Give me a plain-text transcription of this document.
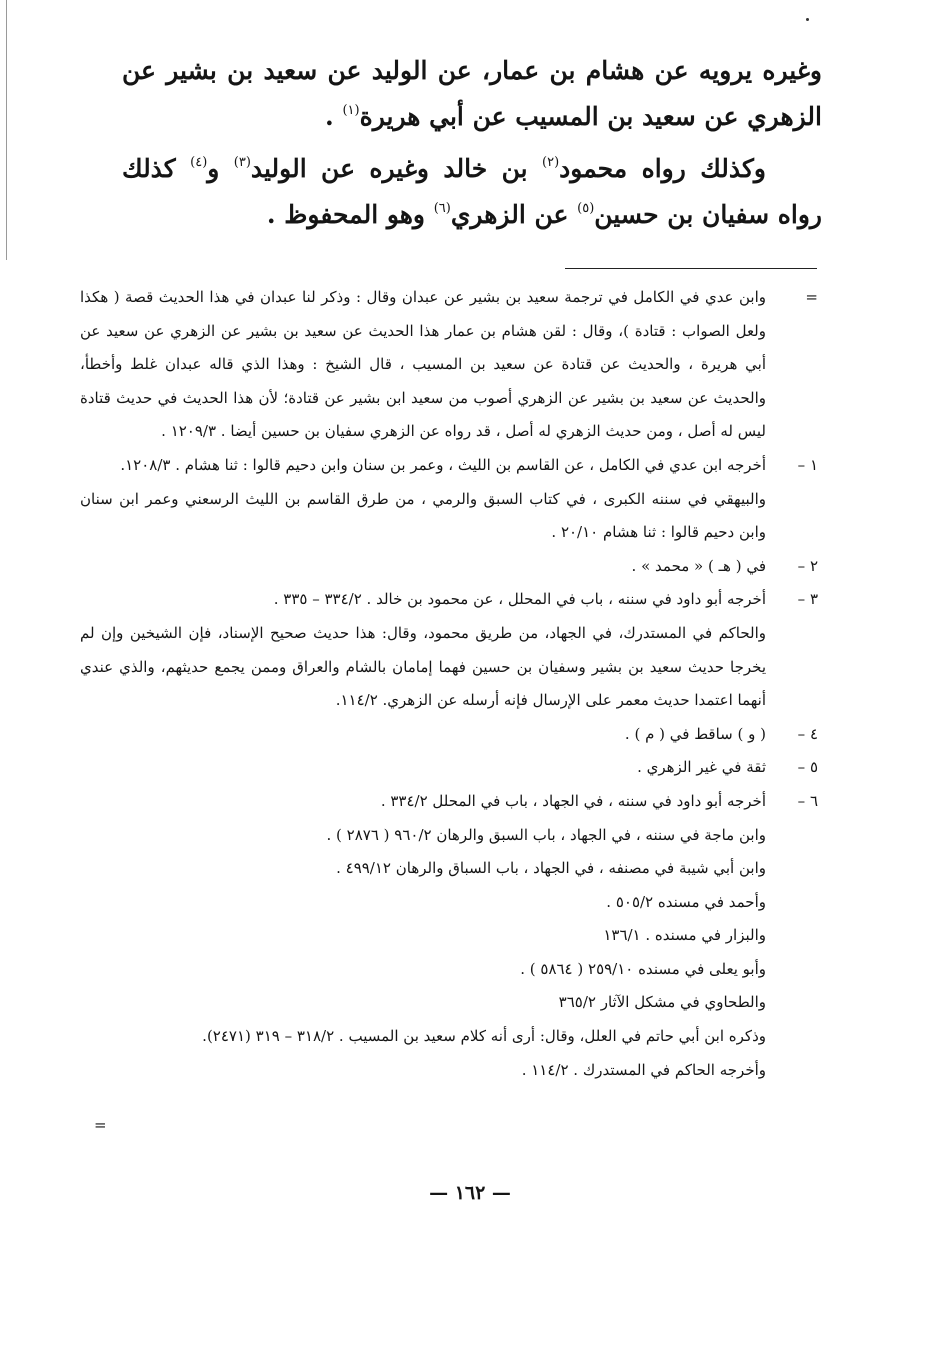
وغيره يرويه عن هشام بن عمار، عن الوليد عن سعيد بن بشير عن الزهري عن سعيد بن المسيب عن أبي هريرة$^{(١)}$ .

وكذلك رواه محمود$^{(٢)}$ بن خالد وغيره عن الوليد$^{(٣)}$ و$^{(٤)}$ كذلك رواه سفيان بن حسين$^{(٥)}$ عن الزهري$^{(٦)}$ وهو المحفوظ .

=

وابن عدي في الكامل في ترجمة سعيد بن بشير عن عبدان وقال : وذكر لنا عبدان في هذا الحديث قصة ( هكذا ولعل الصواب : قتادة )، وقال : لقن هشام بن عمار هذا الحديث عن سعيد بن بشير عن الزهري عن سعيد عن أبي هريرة ، والحديث عن قتادة عن سعيد بن المسيب ، قال الشيخ : وهذا الذي قاله عبدان غلط وأخطأ، والحديث عن سعيد بن بشير عن الزهري أصوب من سعيد ابن بشير عن قتادة؛ لأن هذا الحديث في حديث قتادة ليس له أصل ، ومن حديث الزهري له أصل ، قد رواه عن الزهري سفيان بن حسين أيضا . ١٢٠٩/٣ .

١ –

أخرجه ابن عدي في الكامل ، عن القاسم بن الليث ، وعمر بن سنان وابن دحيم قالوا : ثنا هشام . ١٢٠٨/٣.

والبيهقي في سننه الكبرى ، في كتاب السبق والرمي ، من طرق القاسم بن الليث الرسعني وعمر ابن سنان وابن دحيم قالوا : ثنا هشام ٢٠/١٠ .

٢ –

في ( هـ ) « محمد » .

٣ –

أخرجه أبو داود في سننه ، باب في المحلل ، عن محمود بن خالد . ٣٣٤/٢ – ٣٣٥ .

والحاكم في المستدرك، في الجهاد، من طريق محمود، وقال: هذا حديث صحيح الإسناد، فإن الشيخين وإن لم يخرجا حديث سعيد بن بشير وسفيان بن حسين فهما إمامان بالشام والعراق وممن يجمع حديثهم، والذي عندي أنهما اعتمدا حديث معمر على الإرسال فإنه أرسله عن الزهري. ١١٤/٢.

٤ –

( و ) ساقط في ( م ) .

٥ –

ثقة في غير الزهري .

٦ –

أخرجه أبو داود في سننه ، في الجهاد ، باب في المحلل ٣٣٤/٢ .

وابن ماجة في سننه ، في الجهاد ، باب السبق والرهان ٩٦٠/٢ ( ٢٨٧٦ ) .

وابن أبي شيبة في مصنفه ، في الجهاد ، باب السباق والرهان ٤٩٩/١٢ .

وأحمد في مسنده ٥٠٥/٢ .

والبزار في مسنده . ١٣٦/١

وأبو يعلى في مسنده ٢٥٩/١٠ ( ٥٨٦٤ ) .

والطحاوي في مشكل الآثار ٣٦٥/٢

وذكره ابن أبي حاتم في العلل، وقال: أرى أنه كلام سعيد بن المسيب . ٣١٨/٢ – ٣١٩ (٢٤٧١).

وأخرجه الحاكم في المستدرك . ١١٤/٢ .

=
— ١٦٢ —
